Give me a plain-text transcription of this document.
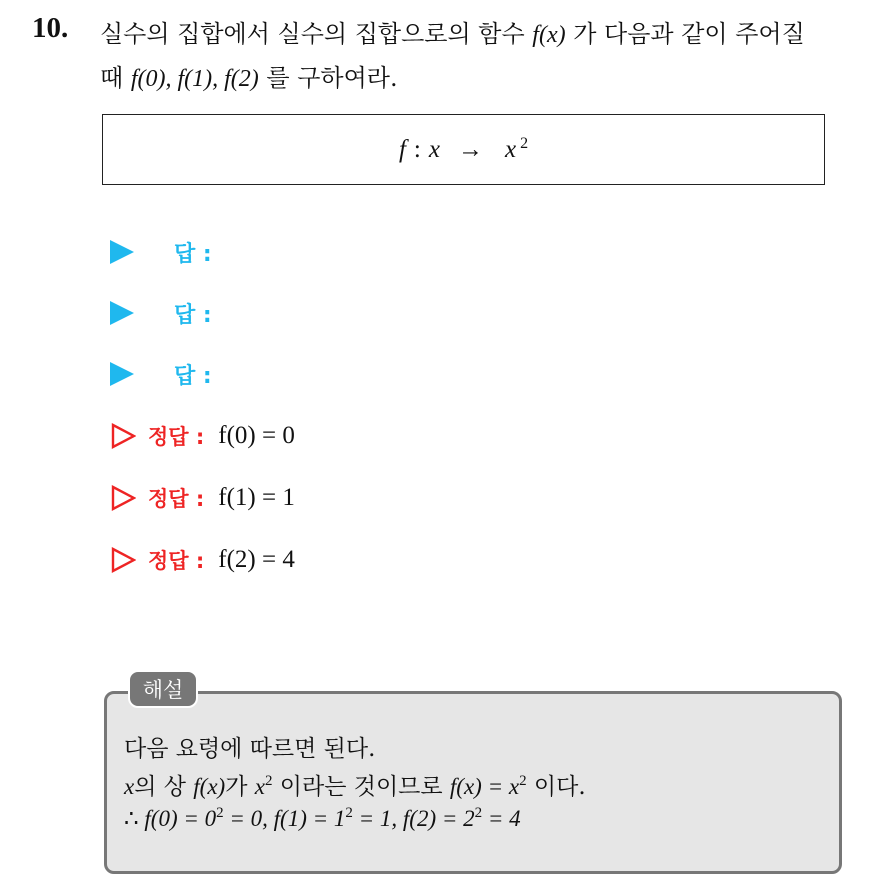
10. 실수의 집합에서 실수의 집합으로의 함수 f(x) 가 다음과 같이 주어질
때 f(0), f(1), f(2) 를 구하여라.
f : x → x $^2$
답 :
답 :
답 :
정답 : f(0) = 0
정답 : f(1) = 1
정답 : f(2) = 4
해설
다음 요령에 따르면 된다.
x의 상 f(x)가 $x^2$ 이라는 것이므로 $f(x) = x^2$ 이다.
∴ $f(0) = 0^2 = 0$, $f(1) = 1^2 = 1$, $f(2) = 2^2 = 4$
